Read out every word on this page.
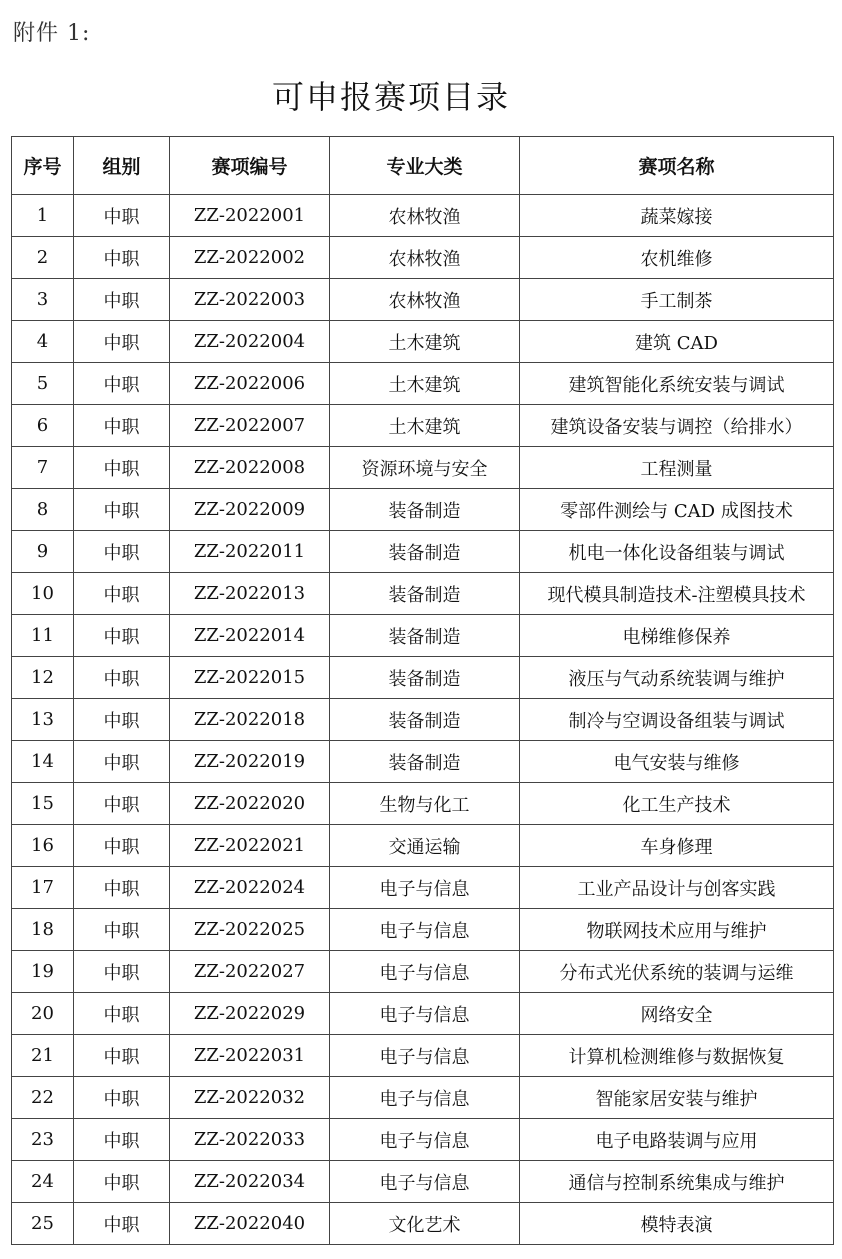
附件 1:
可申报赛项目录
序号	组别	赛项编号	专业大类	赛项名称
1	中职	ZZ-2022001	农林牧渔	蔬菜嫁接
2	中职	ZZ-2022002	农林牧渔	农机维修
3	中职	ZZ-2022003	农林牧渔	手工制茶
4	中职	ZZ-2022004	土木建筑	建筑 CAD
5	中职	ZZ-2022006	土木建筑	建筑智能化系统安装与调试
6	中职	ZZ-2022007	土木建筑	建筑设备安装与调控（给排水）
7	中职	ZZ-2022008	资源环境与安全	工程测量
8	中职	ZZ-2022009	装备制造	零部件测绘与 CAD 成图技术
9	中职	ZZ-2022011	装备制造	机电一体化设备组装与调试
10	中职	ZZ-2022013	装备制造	现代模具制造技术-注塑模具技术
11	中职	ZZ-2022014	装备制造	电梯维修保养
12	中职	ZZ-2022015	装备制造	液压与气动系统装调与维护
13	中职	ZZ-2022018	装备制造	制冷与空调设备组装与调试
14	中职	ZZ-2022019	装备制造	电气安装与维修
15	中职	ZZ-2022020	生物与化工	化工生产技术
16	中职	ZZ-2022021	交通运输	车身修理
17	中职	ZZ-2022024	电子与信息	工业产品设计与创客实践
18	中职	ZZ-2022025	电子与信息	物联网技术应用与维护
19	中职	ZZ-2022027	电子与信息	分布式光伏系统的装调与运维
20	中职	ZZ-2022029	电子与信息	网络安全
21	中职	ZZ-2022031	电子与信息	计算机检测维修与数据恢复
22	中职	ZZ-2022032	电子与信息	智能家居安装与维护
23	中职	ZZ-2022033	电子与信息	电子电路装调与应用
24	中职	ZZ-2022034	电子与信息	通信与控制系统集成与维护
25	中职	ZZ-2022040	文化艺术	模特表演
